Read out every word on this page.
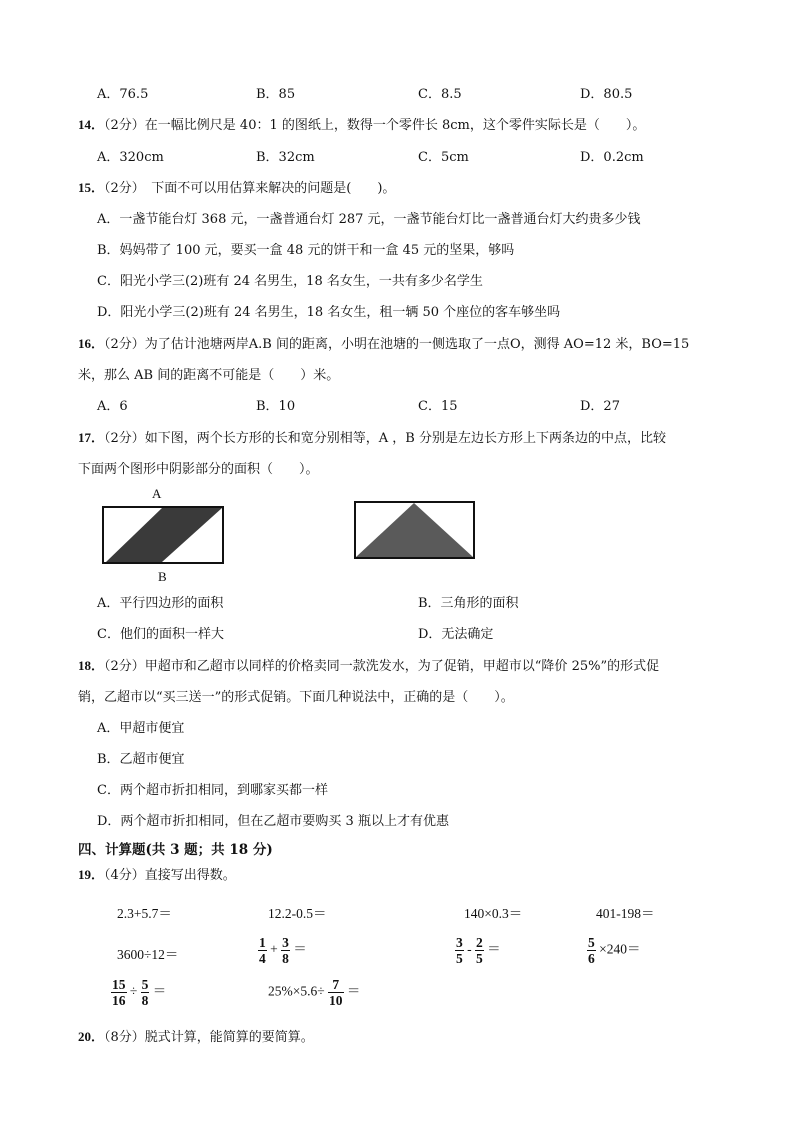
A．76.5	B．85	C．8.5	D．80.5
14．（2分）在一幅比例尺是 40：1 的图纸上，数得一个零件长 8cm，这个零件实际长是（　　）。
A．320cm	B．32cm	C．5cm	D．0.2cm
15．（2分）　下面不可以用估算来解决的问题是(　　)。
A．一盏节能台灯 368 元，一盏普通台灯 287 元，一盏节能台灯比一盏普通台灯大约贵多少钱
B．妈妈带了 100 元，要买一盒 48 元的饼干和一盒 45 元的坚果，够吗
C．阳光小学三(2)班有 24 名男生，18 名女生，一共有多少名学生
D．阳光小学三(2)班有 24 名男生，18 名女生，租一辆 50 个座位的客车够坐吗
16．（2分）为了估计池塘两岸A.B 间的距离，小明在池塘的一侧选取了一点O，测得 AO=12 米，BO=15
米，那么 AB 间的距离不可能是（　　）米。
A．6	B．10	C．15	D．27
17．（2分）如下图，两个长方形的长和宽分别相等，A ，B 分别是左边长方形上下两条边的中点，比较
下面两个图形中阴影部分的面积（　　）。
A
B
A．平行四边形的面积	B．三角形的面积
C．他们的面积一样大	D．无法确定
18．（2分）甲超市和乙超市以同样的价格卖同一款洗发水，为了促销，甲超市以“降价 25%”的形式促
销，乙超市以“买三送一”的形式促销。下面几种说法中，正确的是（　　）。
A．甲超市便宜
B．乙超市便宜
C．两个超市折扣相同，到哪家买都一样
D．两个超市折扣相同，但在乙超市要购买 3 瓶以上才有优惠
四、计算题(共 3 题；共 18 分)
19．（4分）直接写出得数。
2.3+5.7＝	12.2-0.5＝	140×0.3＝	401-198＝
3600÷12＝	$\frac{1}{4} + \frac{3}{8}$ ＝	$\frac{3}{5} - \frac{2}{5}$ ＝	$\frac{5}{6} \times 240=$
$\frac{15}{16} \div \frac{5}{8}$ ＝	$25\%\times 5.6\div \frac{7}{10}$ ＝
20．（8分）脱式计算，能简算的要简算。
